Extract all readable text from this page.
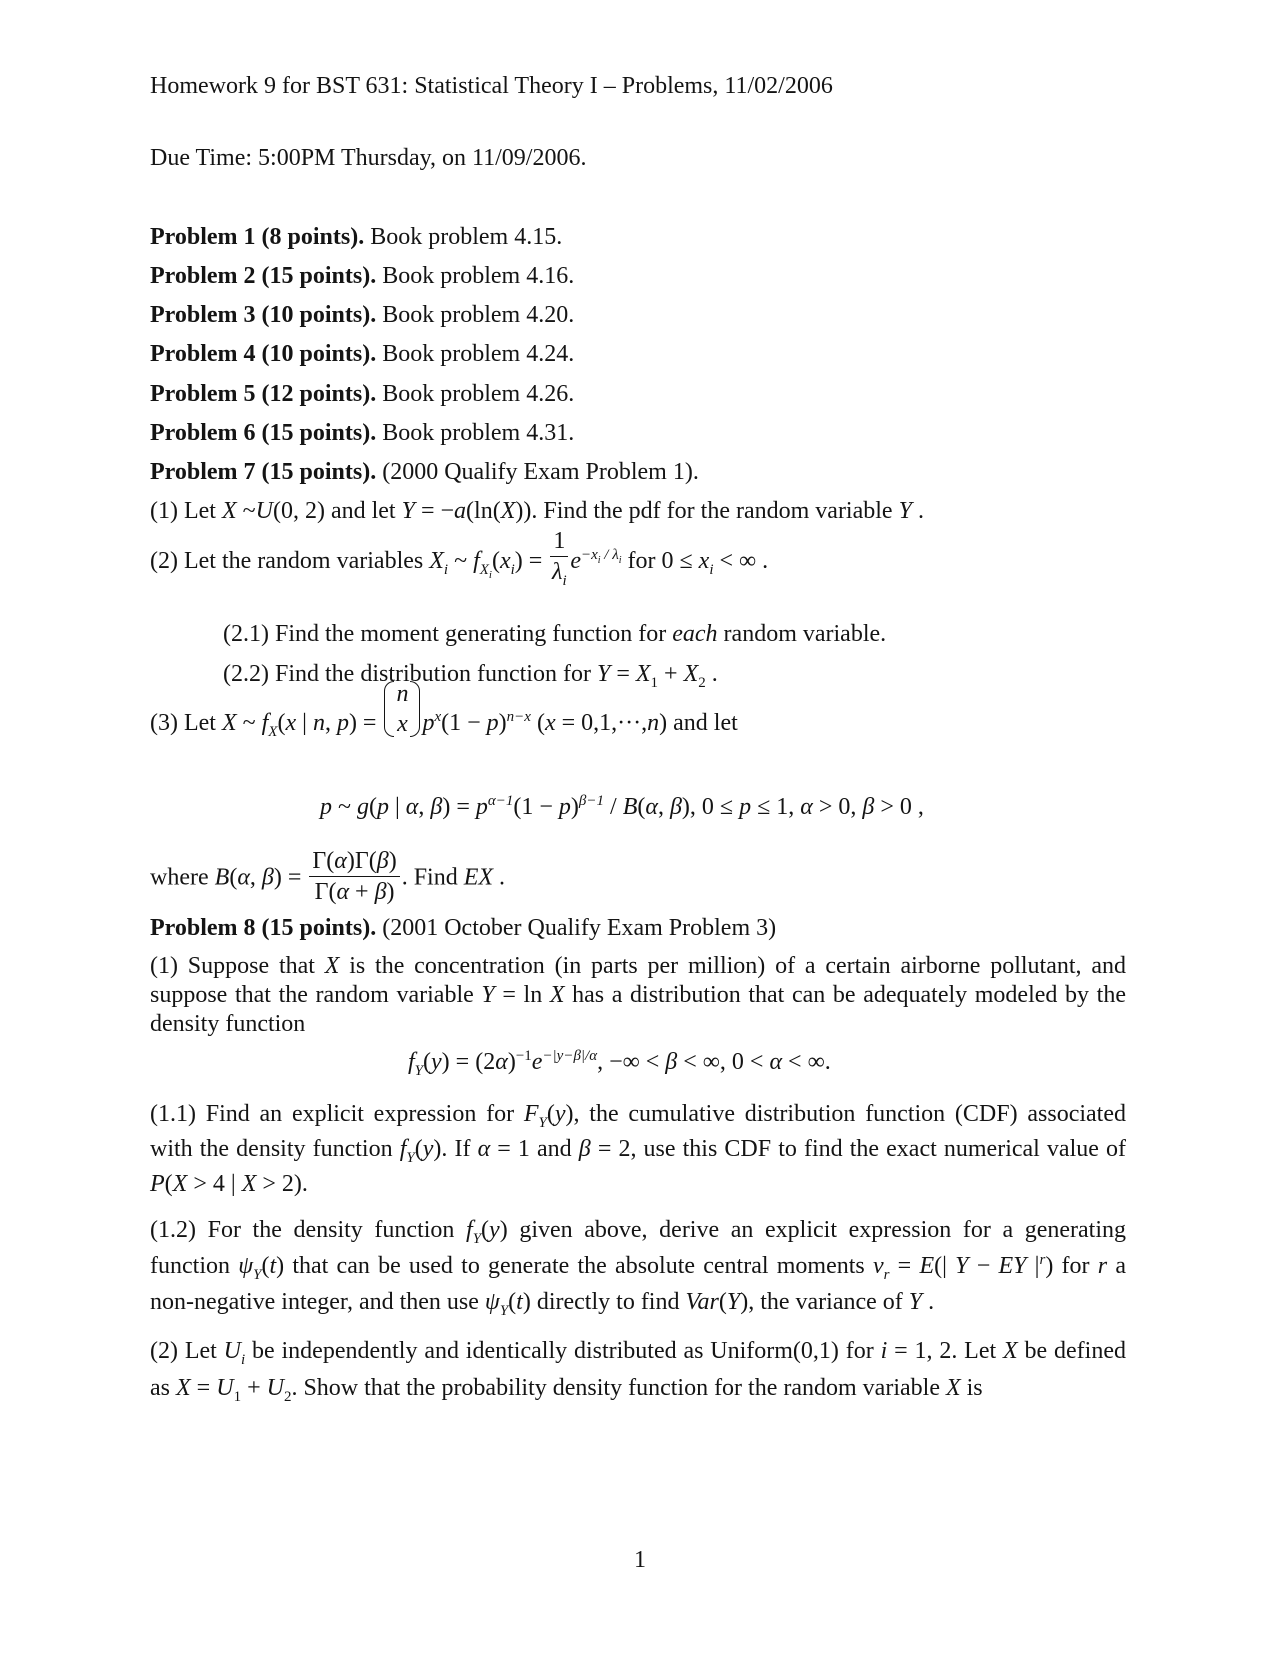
Homework 9 for BST 631: Statistical Theory I – Problems, 11/02/2006
Due Time: 5:00PM Thursday, on 11/09/2006.
Problem 1 (8 points). Book problem 4.15.
Problem 2 (15 points). Book problem 4.16.
Problem 3 (10 points). Book problem 4.20.
Problem 4 (10 points). Book problem 4.24.
Problem 5 (12 points). Book problem 4.26.
Problem 6 (15 points). Book problem 4.31.
Problem 7 (15 points). (2000 Qualify Exam Problem 1).
(1) Let X ~U(0, 2) and let Y = −a(ln(X)). Find the pdf for the random variable Y .
(2) Let the random variables $X_i$ ~ $f_{X_i}(x_i) = \frac{1}{\lambda_i} e^{-x_i / \lambda_i}$ for $0 \le x_i$ < ∞ .
(2.1) Find the moment generating function for each random variable.
(2.2) Find the distribution function for $Y = X_1 + X_2$ .
(3) Let X ~ $f_X(x$ | n, p) =
n
x $p^x(1 - p)^{n-x}$ (x = 0,1,···,n) and let
p ~ g(p | α, $\beta) = p^{\alpha-1}(1 - p)^{\beta-1} / B(\alpha$, β), 0 ≤ p ≤ 1, α > 0, β > 0 ,
where B(α, $\beta) = \frac{\Gamma(\alpha)\Gamma(\beta)}{\Gamma(\alpha + \beta)}$ . Find EX .
Problem 8 (15 points). (2001 October Qualify Exam Problem 3)
(1) Suppose that X is the concentration (in parts per million) of a certain airborne pollutant, and suppose that the random variable Y = ln X has a distribution that can be adequately modeled by the density function
$f_Y(y) = (2\alpha)^{-1}e^{-|y-\beta|/\alpha}$, −∞ < β < ∞, 0 < α < ∞.
(1.1) Find an explicit expression for $F_Y(y)$, the cumulative distribution function (CDF) associated with the density function $f_Y(y)$. If α = 1 and β = 2, use this CDF to find the exact numerical value of P(X > 4 | X > 2).
(1.2) For the density function $f_Y(y)$ given above, derive an explicit expression for a generating function $\psi_Y(t)$ that can be used to generate the absolute central moments $\nu_r = E(|$ Y − EY $|^r$) for r a non-negative integer, and then use $\psi_Y(t)$ directly to find Var(Y), the variance of Y .
(2) Let $U_i$ be independently and identically distributed as Uniform(0,1) for i = 1, 2. Let X be defined as $X = U_1 + U_2$. Show that the probability density function for the random variable X is
1
